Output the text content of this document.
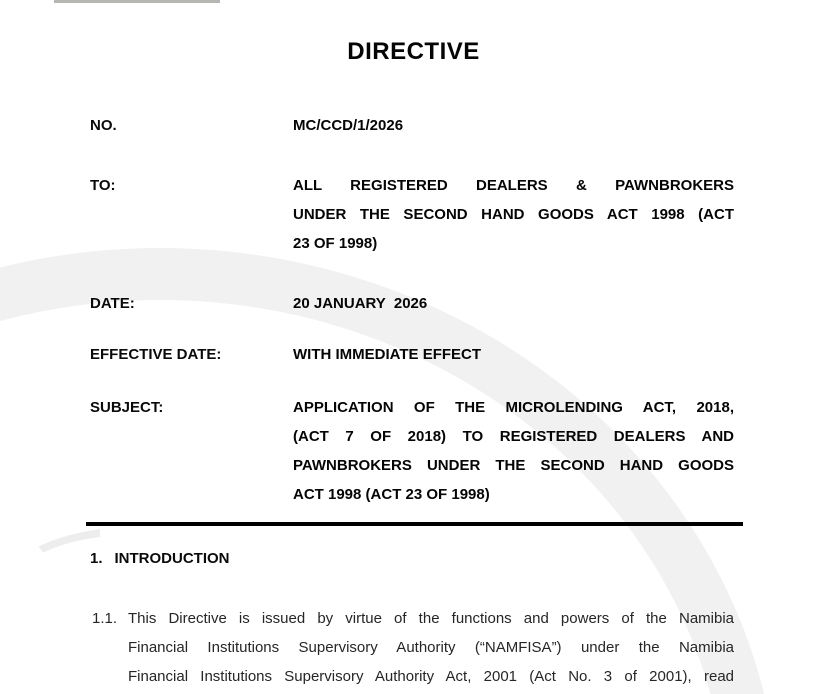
DIRECTIVE
NO.	MC/CCD/1/2026
TO:	ALL REGISTERED DEALERS & PAWNBROKERS
UNDER THE SECOND HAND GOODS ACT 1998 (ACT
23 OF 1998)
DATE:	20 JANUARY  2026
EFFECTIVE DATE:	WITH IMMEDIATE EFFECT
SUBJECT:	APPLICATION OF THE MICROLENDING ACT, 2018,
(ACT 7 OF 2018) TO REGISTERED DEALERS AND
PAWNBROKERS UNDER THE SECOND HAND GOODS
ACT 1998 (ACT 23 OF 1998)
1. INTRODUCTION
1.1. This Directive is issued by virtue of the functions and powers of the Namibia
Financial Institutions Supervisory Authority (“NAMFISA”) under the Namibia
Financial Institutions Supervisory Authority Act, 2001 (Act No. 3 of 2001), read
